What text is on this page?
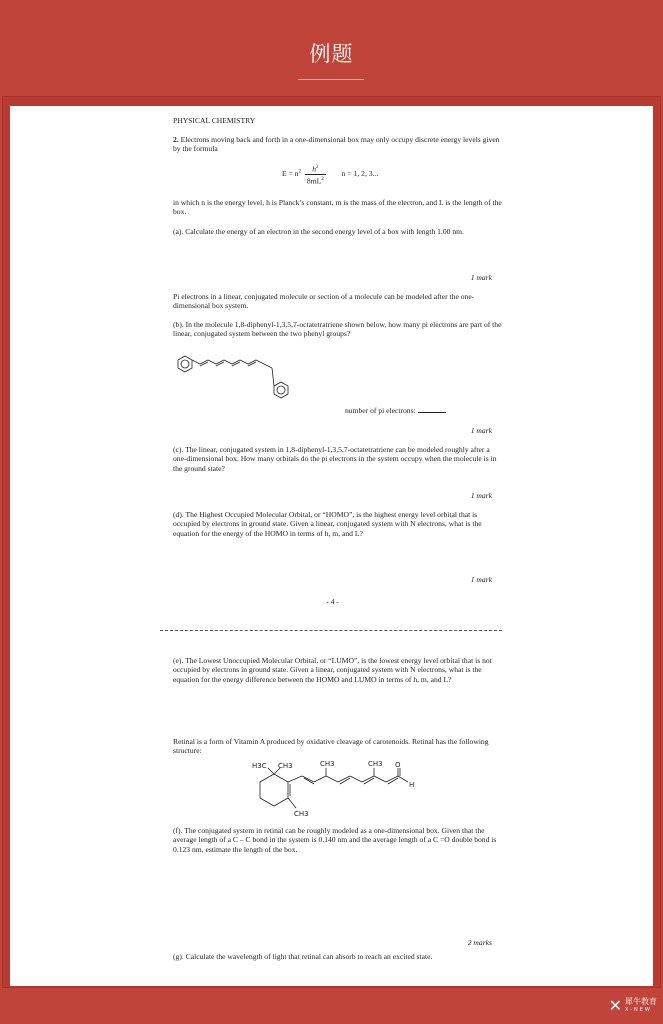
例题
PHYSICAL CHEMISTRY
2. Electrons moving back and forth in a one-dimensional box may only occupy discrete energy levels given by the formula
$E = n^2 \frac{h^2}{8mL^2}$ n = 1, 2, 3...
in which n is the energy level, h is Planck’s constant, m is the mass of the electron, and L is the length of the box.
(a). Calculate the energy of an electron in the second energy level of a box with length 1.00 nm.
1 mark
Pi electrons in a linear, conjugated molecule or section of a molecule can be modeled after the one-dimensional box system.
(b). In the molecule 1,8-diphenyl-1,3,5,7-octatetratriene shown below, how many pi electrons are part of the linear, conjugated system between the two phenyl groups?
number of pi electrons:
1 mark
(c). The linear, conjugated system in 1,8-diphenyl-1,3,5,7-octatetratriene can be modeled roughly after a one-dimensional box. How many orbitals do the pi electrons in the system occupy when the molecule is in the ground state?
1 mark
(d). The Highest Occupied Molecular Orbital, or “HOMO”, is the highest energy level orbital that is occupied by electrons in ground state. Given a linear, conjugated system with N electrons, what is the equation for the energy of the HOMO in terms of h, m, and L?
1 mark
- 4 -
(e). The Lowest Unoccupied Molecular Orbital, or “LUMO”, is the lowest energy level orbital that is not occupied by electrons in ground state. Given a linear, conjugated system with N electrons, what is the equation for the energy difference between the HOMO and LUMO in terms of h, m, and L?
Retinal is a form of Vitamin A produced by oxidative cleavage of carotenoids. Retinal has the following structure:
H3C CH3	CH3	CH3
CH3
O
H
(f). The conjugated system in retinal can be roughly modeled as a one-dimensional box. Given that the average length of a C – C bond in the system is 0.140 nm and the average length of a C =O double bond is 0.123 nm, estimate the length of the box.
2 marks
(g). Calculate the wavelength of light that retinal can absorb to reach an excited state.
✕ 犀牛教育
X-NEW
